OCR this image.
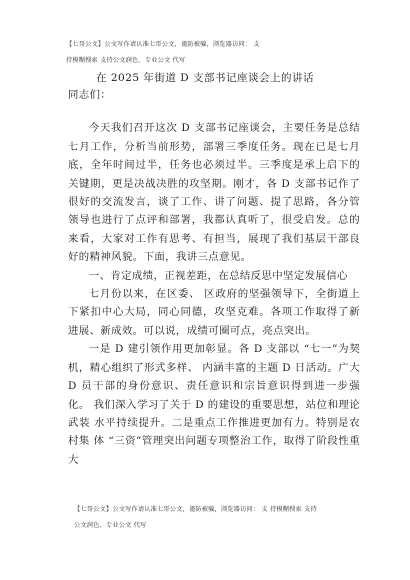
【七哥公文】公文写作请认准七哥公文，谨防被骗，浏览器访问： 支
持模糊搜索 支持公文润色、专业公文 代写
在 2025 年街道 D 支部书记座谈会上的讲话

同志们：

今天我们召开这次 D 支部书记座谈会，主要任务是总结 七月工作，分析当前形势，部署三季度任务。现在已是七月 底，全年时间过半，任务也必须过半。三季度是承上启下的 关键期，更是决战决胜的攻坚期。刚才，各 D 支部书记作了 很好的交流发言，谈了工作、讲了问题、提了思路，各分管 领导也进行了点评和部署，我都认真听了，很受启发。总的 来看，大家对工作有思考、有担当，展现了我们基层干部良 好的精神风貌。下面，我讲三点意见。

一、肯定成绩，正视差距，在总结反思中坚定发展信心

七月份以来，在区委、 区政府的坚强领导下，全街道上 下紧扣中心大局，同心同德，攻坚克难。各项工作取得了新 进展、新成效。可以说，成绩可圈可点，亮点突出。

一是 D 建引领作用更加彰显。各 D 支部以 “七一”为契 机，精心组织了形式多样、 内涵丰富的主题 D 日活动。广大 D 员干部的身份意识、责任意识和宗旨意识得到进一步强化。 我们深入学习了关于 D 的建设的重要思想，站位和理论武装 水平持续提升。二是重点工作推进更加有力。特别是农村集 体 “三资”管理突出问题专项整治工作，取得了阶段性重大

【七哥公文】公文写作请认准七哥公文，谨防被骗，浏览器访问： 支 持模糊搜索 支持
公文润色、专业公文 代写
